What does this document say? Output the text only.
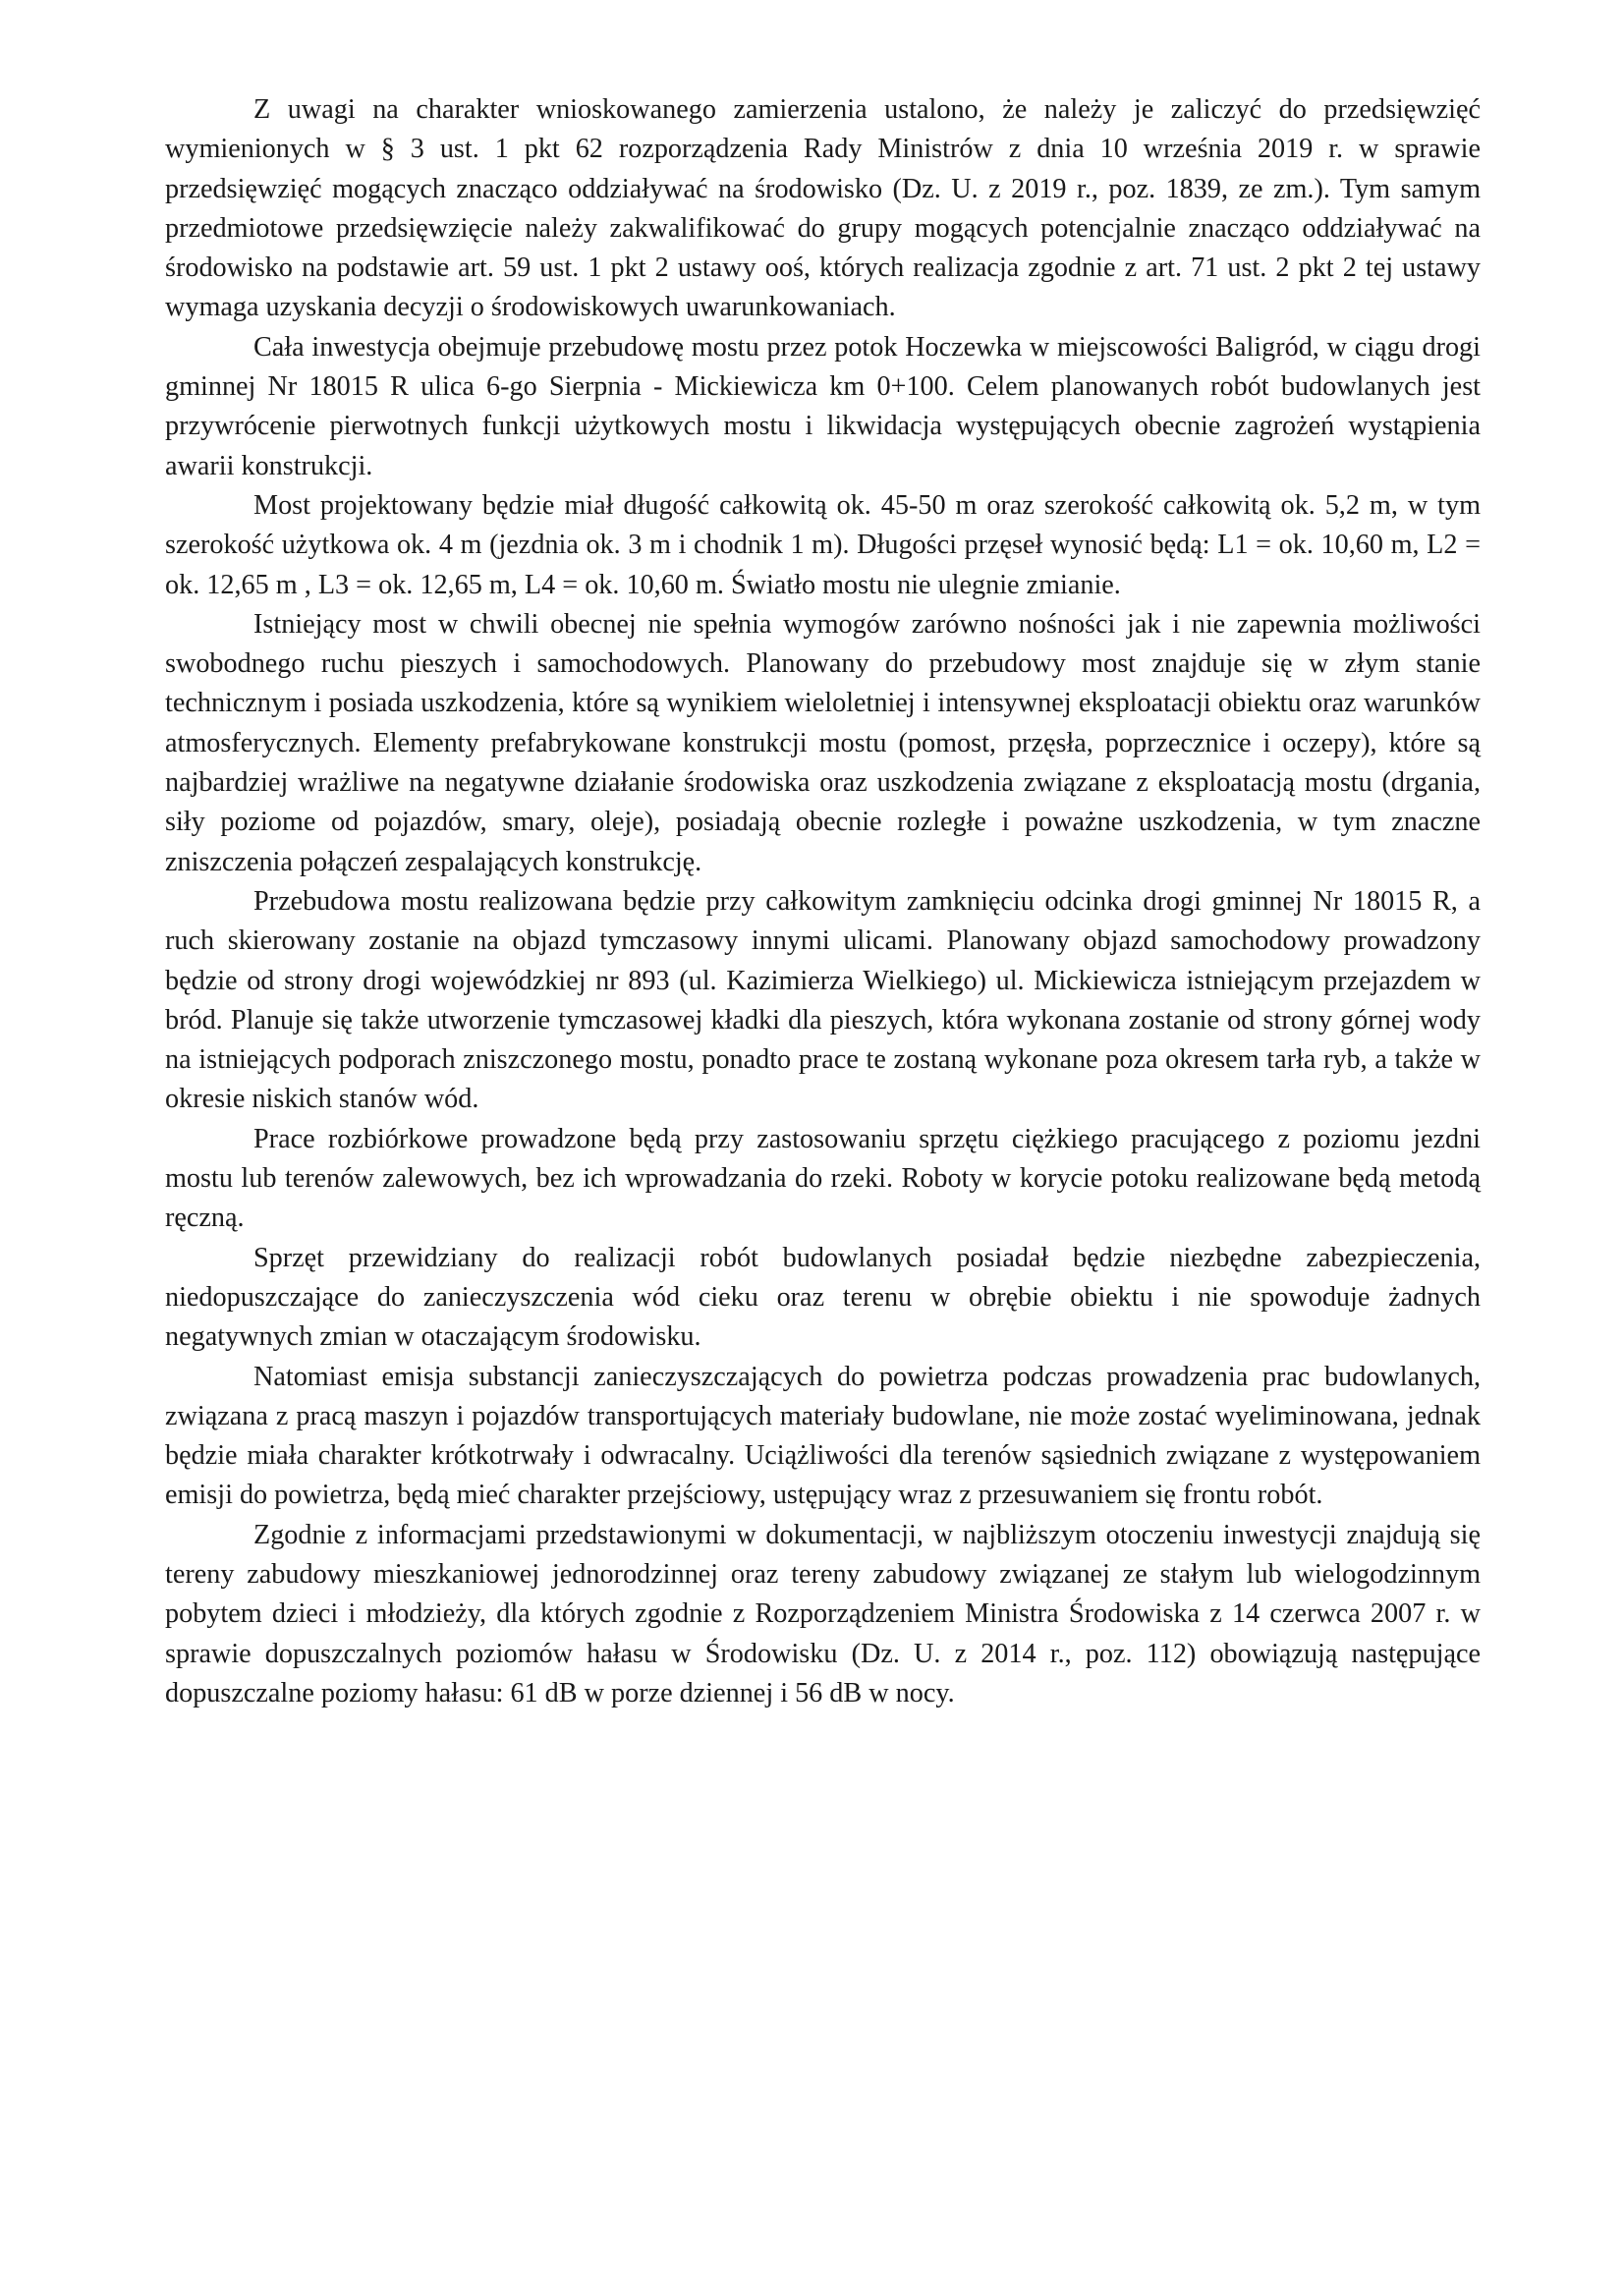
Z uwagi na charakter wnioskowanego zamierzenia ustalono, że należy je zaliczyć do przedsięwzięć wymienionych w § 3 ust. 1 pkt 62 rozporządzenia Rady Ministrów z dnia 10 września 2019 r. w sprawie przedsięwzięć mogących znacząco oddziaływać na środowisko (Dz. U. z 2019 r., poz. 1839, ze zm.). Tym samym przedmiotowe przedsięwzięcie należy zakwalifikować do grupy mogących potencjalnie znacząco oddziaływać na środowisko na podstawie art. 59 ust. 1 pkt 2 ustawy ooś, których realizacja zgodnie z art. 71 ust. 2 pkt 2 tej ustawy wymaga uzyskania decyzji o środowiskowych uwarunkowaniach.

Cała inwestycja obejmuje przebudowę mostu przez potok Hoczewka w miejscowości Baligród, w ciągu drogi gminnej Nr 18015 R ulica 6-go Sierpnia - Mickiewicza km 0+100. Celem planowanych robót budowlanych jest przywrócenie pierwotnych funkcji użytkowych mostu i likwidacja występujących obecnie zagrożeń wystąpienia awarii konstrukcji.

Most projektowany będzie miał długość całkowitą ok. 45-50 m oraz szerokość całkowitą ok. 5,2 m, w tym szerokość użytkowa ok. 4 m (jezdnia ok. 3 m i chodnik 1 m). Długości przęseł wynosić będą: L1 = ok. 10,60 m, L2 = ok. 12,65 m , L3 = ok. 12,65 m, L4 = ok. 10,60 m. Światło mostu nie ulegnie zmianie.

Istniejący most w chwili obecnej nie spełnia wymogów zarówno nośności jak i nie zapewnia możliwości swobodnego ruchu pieszych i samochodowych. Planowany do przebudowy most znajduje się w złym stanie technicznym i posiada uszkodzenia, które są wynikiem wieloletniej i intensywnej eksploatacji obiektu oraz warunków atmosferycznych. Elementy prefabrykowane konstrukcji mostu (pomost, przęsła, poprzecznice i oczepy), które są najbardziej wrażliwe na negatywne działanie środowiska oraz uszkodzenia związane z eksploatacją mostu (drgania, siły poziome od pojazdów, smary, oleje), posiadają obecnie rozległe i poważne uszkodzenia, w tym znaczne zniszczenia połączeń zespalających konstrukcję.

Przebudowa mostu realizowana będzie przy całkowitym zamknięciu odcinka drogi gminnej Nr 18015 R, a ruch skierowany zostanie na objazd tymczasowy innymi ulicami. Planowany objazd samochodowy prowadzony będzie od strony drogi wojewódzkiej nr 893 (ul. Kazimierza Wielkiego) ul. Mickiewicza istniejącym przejazdem w bród. Planuje się także utworzenie tymczasowej kładki dla pieszych, która wykonana zostanie od strony górnej wody na istniejących podporach zniszczonego mostu, ponadto prace te zostaną wykonane poza okresem tarła ryb, a także w okresie niskich stanów wód.

Prace rozbiórkowe prowadzone będą przy zastosowaniu sprzętu ciężkiego pracującego z poziomu jezdni mostu lub terenów zalewowych, bez ich wprowadzania do rzeki. Roboty w korycie potoku realizowane będą metodą ręczną.

Sprzęt przewidziany do realizacji robót budowlanych posiadał będzie niezbędne zabezpieczenia, niedopuszczające do zanieczyszczenia wód cieku oraz terenu w obrębie obiektu i nie spowoduje żadnych negatywnych zmian w otaczającym środowisku.

Natomiast emisja substancji zanieczyszczających do powietrza podczas prowadzenia prac budowlanych, związana z pracą maszyn i pojazdów transportujących materiały budowlane, nie może zostać wyeliminowana, jednak będzie miała charakter krótkotrwały i odwracalny. Uciążliwości dla terenów sąsiednich związane z występowaniem emisji do powietrza, będą mieć charakter przejściowy, ustępujący wraz z przesuwaniem się frontu robót.

Zgodnie z informacjami przedstawionymi w dokumentacji, w najbliższym otoczeniu inwestycji znajdują się tereny zabudowy mieszkaniowej jednorodzinnej oraz tereny zabudowy związanej ze stałym lub wielogodzinnym pobytem dzieci i młodzieży, dla których zgodnie z Rozporządzeniem Ministra Środowiska z 14 czerwca 2007 r. w sprawie dopuszczalnych poziomów hałasu w Środowisku (Dz. U. z 2014 r., poz. 112) obowiązują następujące dopuszczalne poziomy hałasu: 61 dB w porze dziennej i 56 dB w nocy.
